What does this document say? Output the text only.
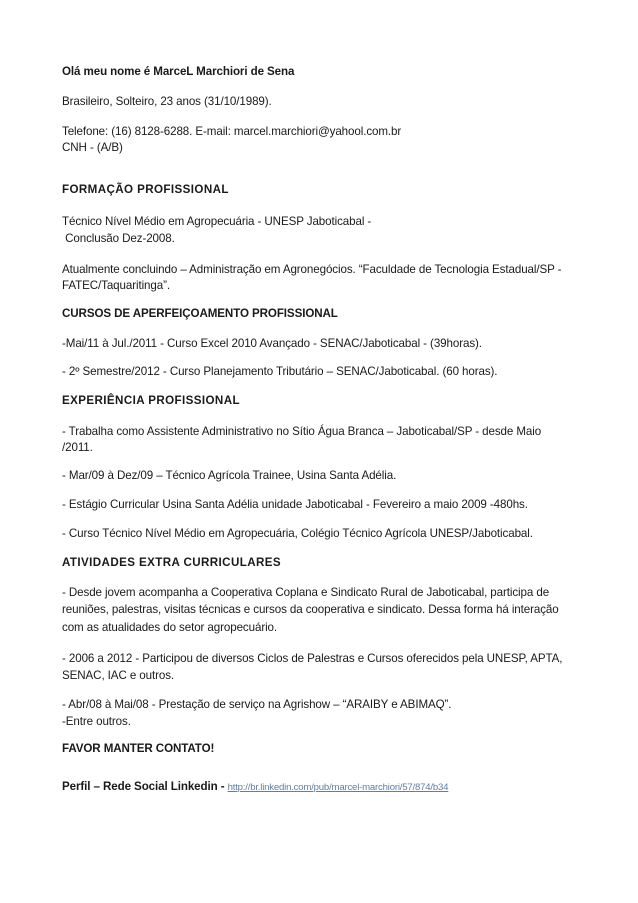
Olá meu nome é MarceL Marchiori de Sena
Brasileiro, Solteiro, 23 anos (31/10/1989).
Telefone: (16) 8128-6288. E-mail: marcel.marchiori@yahool.com.br
CNH - (A/B)
FORMAÇÃO PROFISSIONAL
Técnico Nível Médio em Agropecuária - UNESP Jaboticabal -
Conclusão Dez-2008.
Atualmente concluindo – Administração em Agronegócios. “Faculdade de Tecnologia Estadual/SP -
FATEC/Taquaritinga”.
CURSOS DE APERFEIÇOAMENTO PROFISSIONAL
-Mai/11 à Jul./2011 - Curso Excel 2010 Avançado - SENAC/Jaboticabal - (39horas).
- 2º Semestre/2012 - Curso Planejamento Tributário – SENAC/Jaboticabal. (60 horas).
EXPERIÊNCIA PROFISSIONAL
- Trabalha como Assistente Administrativo no Sítio Água Branca – Jaboticabal/SP - desde Maio
/2011.
- Mar/09 à Dez/09 – Técnico Agrícola Trainee, Usina Santa Adélia.
- Estágio Curricular Usina Santa Adélia unidade Jaboticabal - Fevereiro a maio 2009 -480hs.
- Curso Técnico Nível Médio em Agropecuária, Colégio Técnico Agrícola UNESP/Jaboticabal.
ATIVIDADES EXTRA CURRICULARES
- Desde jovem acompanha a Cooperativa Coplana e Sindicato Rural de Jaboticabal, participa de
reuniões, palestras, visitas técnicas e cursos da cooperativa e sindicato. Dessa forma há interação
com as atualidades do setor agropecuário.
- 2006 a 2012 - Participou de diversos Ciclos de Palestras e Cursos oferecidos pela UNESP, APTA,
SENAC, IAC e outros.
- Abr/08 à Mai/08 - Prestação de serviço na Agrishow – “ARAIBY e ABIMAQ”.
-Entre outros.
FAVOR MANTER CONTATO!
Perfil – Rede Social Linkedin - http://br.linkedin.com/pub/marcel-marchiori/57/874/b34
